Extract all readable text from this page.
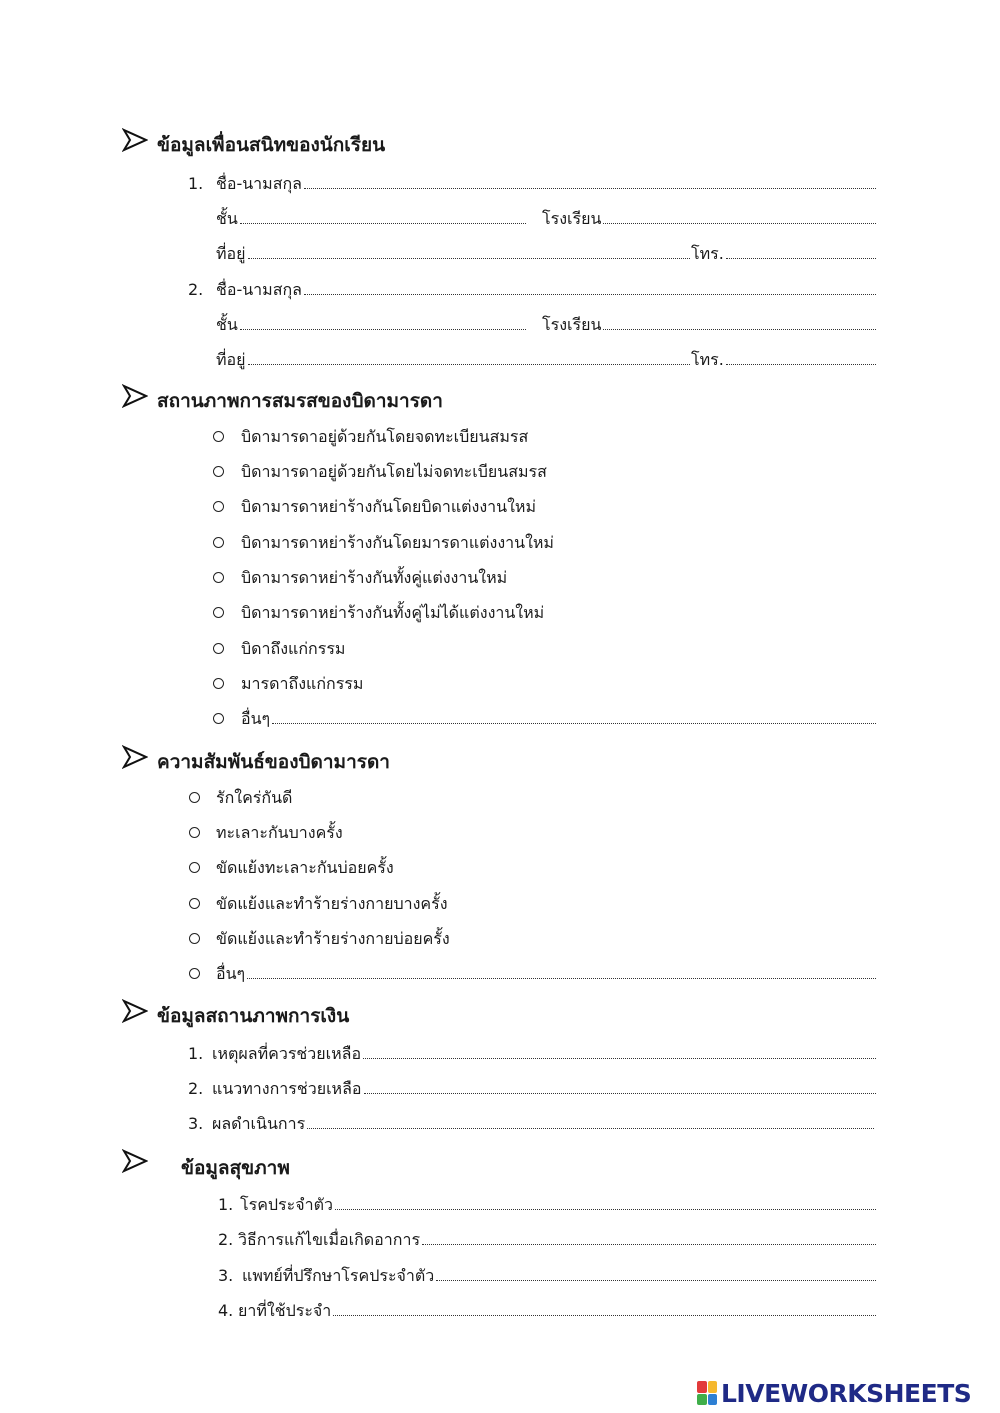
ข้อมูลเพื่อนสนิทของนักเรียน
1. ชื่อ-นามสกุล
ชั้น	โรงเรียน
ที่อยู่	โทร.
2. ชื่อ-นามสกุล
ชั้น	โรงเรียน
ที่อยู่	โทร.
สถานภาพการสมรสของบิดามารดา
บิดามารดาอยู่ด้วยกันโดยจดทะเบียนสมรส
บิดามารดาอยู่ด้วยกันโดยไม่จดทะเบียนสมรส
บิดามารดาหย่าร้างกันโดยบิดาแต่งงานใหม่
บิดามารดาหย่าร้างกันโดยมารดาแต่งงานใหม่
บิดามารดาหย่าร้างกันทั้งคู่แต่งงานใหม่
บิดามารดาหย่าร้างกันทั้งคู่ไม่ได้แต่งงานใหม่
บิดาถึงแก่กรรม
มารดาถึงแก่กรรม
อื่นๆ
ความสัมพันธ์ของบิดามารดา
รักใคร่กันดี
ทะเลาะกันบางครั้ง
ขัดแย้งทะเลาะกันบ่อยครั้ง
ขัดแย้งและทำร้ายร่างกายบางครั้ง
ขัดแย้งและทำร้ายร่างกายบ่อยครั้ง
อื่นๆ
ข้อมูลสถานภาพการเงิน
1. เหตุผลที่ควรช่วยเหลือ
2. แนวทางการช่วยเหลือ
3. ผลดำเนินการ
ข้อมูลสุขภาพ
1. โรคประจำตัว
2. วิธีการแก้ไขเมื่อเกิดอาการ
3. แพทย์ที่ปรึกษาโรคประจำตัว
4. ยาที่ใช้ประจำ
LIVEWORKSHEETS
